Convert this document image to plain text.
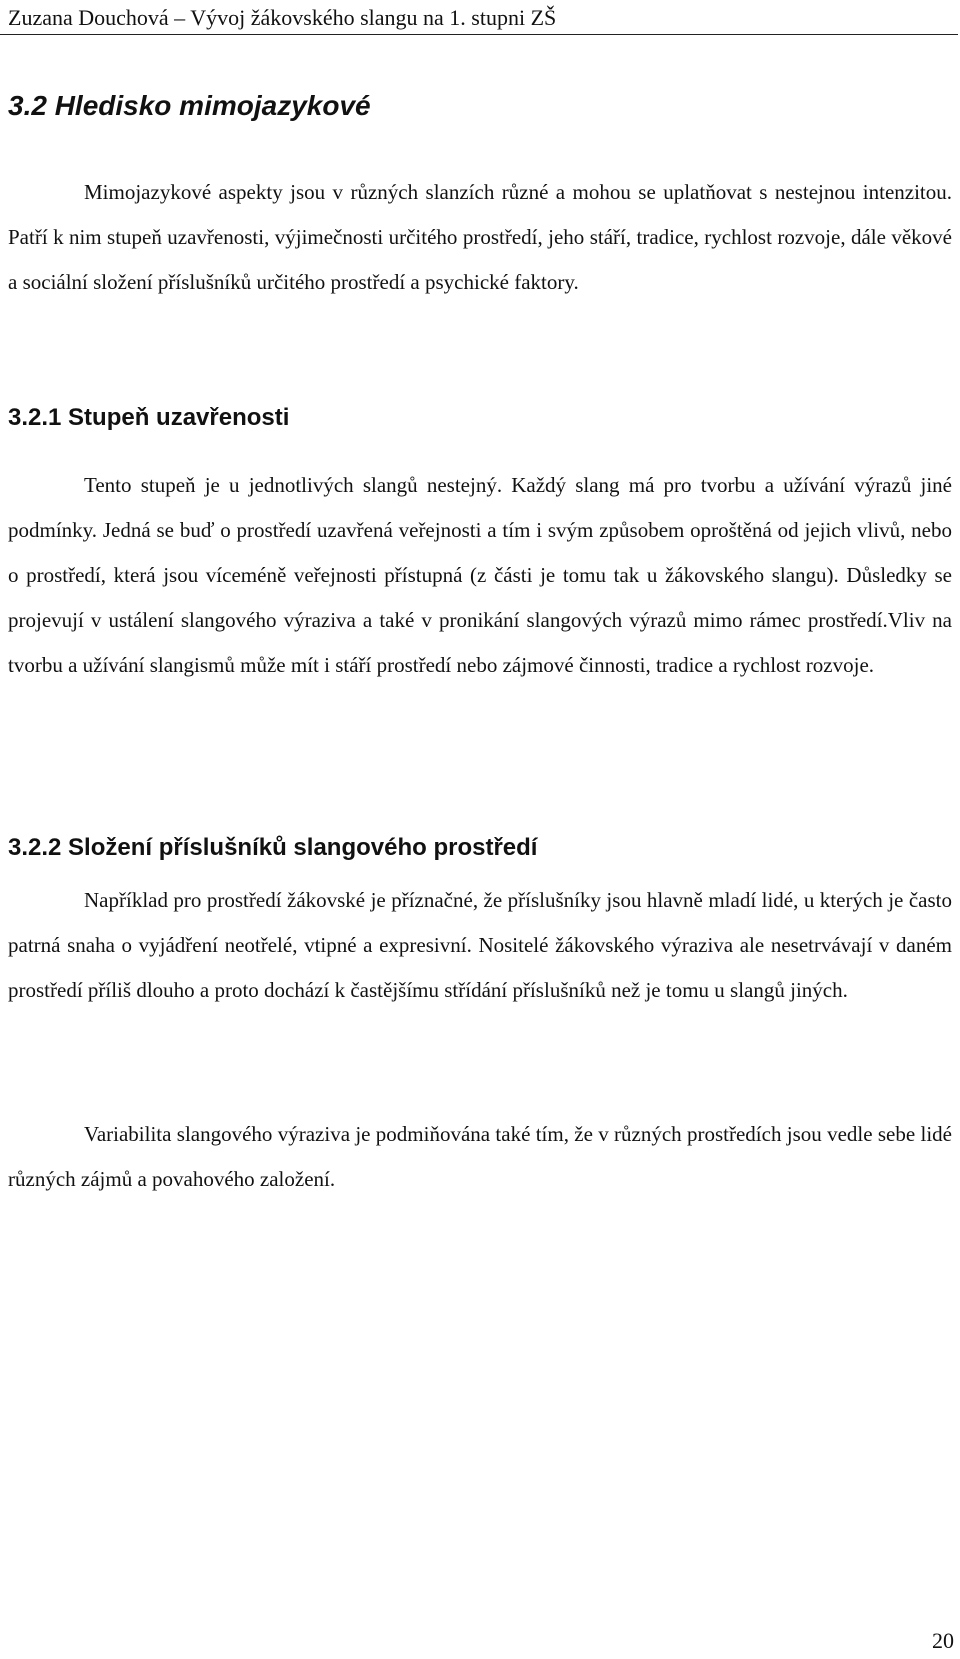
Zuzana Douchová – Vývoj žákovského slangu na 1. stupni ZŠ
3.2 Hledisko mimojazykové

Mimojazykové aspekty jsou v různých slanzích různé a mohou se uplatňovat s nestejnou intenzitou. Patří k nim stupeň uzavřenosti, výjimečnosti určitého prostředí, jeho stáří, tradice, rychlost rozvoje, dále věkové a sociální složení příslušníků určitého prostředí a psychické faktory.

3.2.1 Stupeň uzavřenosti

Tento stupeň je u jednotlivých slangů nestejný. Každý slang má pro tvorbu a užívání výrazů jiné podmínky. Jedná se buď o prostředí uzavřená veřejnosti a tím i svým způsobem oproštěná od jejich vlivů, nebo o prostředí, která jsou víceméně veřejnosti přístupná (z části je tomu tak u žákovského slangu). Důsledky se projevují v ustálení slangového výraziva a také v pronikání slangových výrazů mimo rámec prostředí.Vliv na tvorbu a užívání slangismů může mít i stáří prostředí nebo zájmové činnosti, tradice a rychlost rozvoje.

3.2.2 Složení příslušníků slangového prostředí

Například pro prostředí žákovské je příznačné, že příslušníky jsou hlavně mladí lidé, u kterých je často patrná snaha o vyjádření neotřelé, vtipné a expresivní. Nositelé žákovského výraziva ale nesetrvávají v daném prostředí příliš dlouho a proto dochází k častějšímu střídání příslušníků než je tomu u slangů jiných.

Variabilita slangového výraziva je podmiňována také tím, že v různých prostředích jsou vedle sebe lidé různých zájmů a povahového založení.

20
